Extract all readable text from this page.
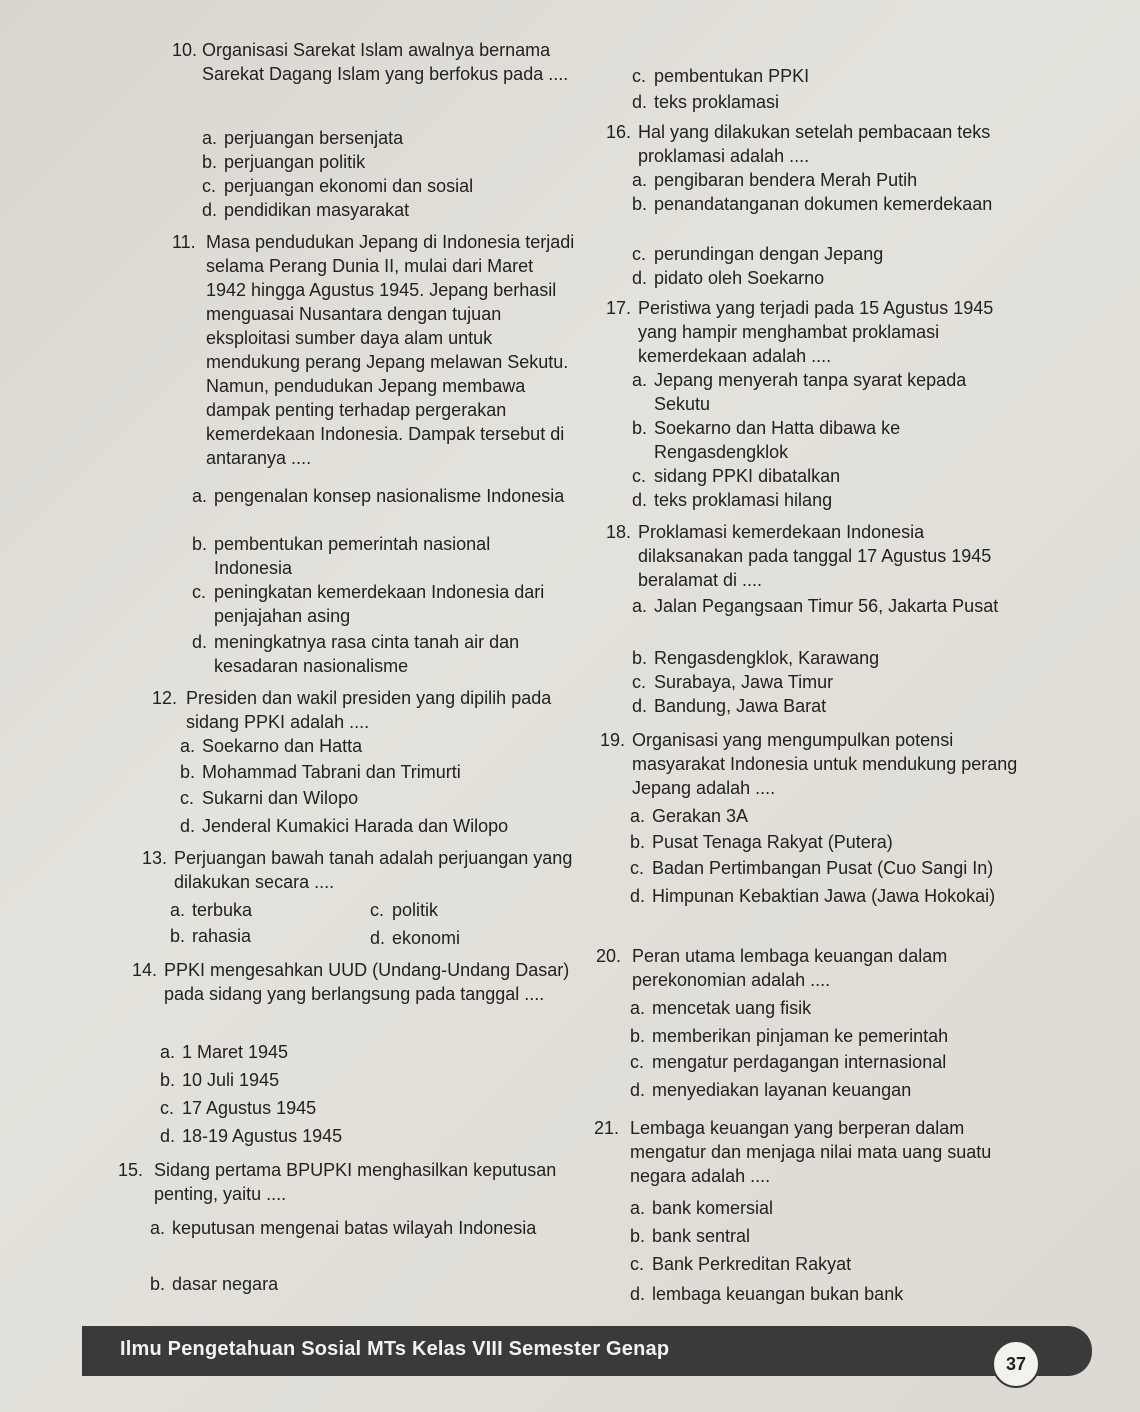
10. Organisasi Sarekat Islam awalnya bernama Sarekat Dagang Islam yang berfokus pada ....
a. perjuangan bersenjata
b. perjuangan politik
c. perjuangan ekonomi dan sosial
d. pendidikan masyarakat
11. Masa pendudukan Jepang di Indonesia terjadi selama Perang Dunia II, mulai dari Maret 1942 hingga Agustus 1945. Jepang berhasil menguasai Nusantara dengan tujuan eksploitasi sumber daya alam untuk mendukung perang Jepang melawan Sekutu. Namun, pendudukan Jepang membawa dampak penting terhadap pergerakan kemerdekaan Indonesia. Dampak tersebut di antaranya ....
a. pengenalan konsep nasionalisme Indonesia
b. pembentukan pemerintah nasional Indonesia
c. peningkatan kemerdekaan Indonesia dari penjajahan asing
d. meningkatnya rasa cinta tanah air dan kesadaran nasionalisme
12. Presiden dan wakil presiden yang dipilih pada sidang PPKI adalah ....
a. Soekarno dan Hatta
b. Mohammad Tabrani dan Trimurti
c. Sukarni dan Wilopo
d. Jenderal Kumakici Harada dan Wilopo
13. Perjuangan bawah tanah adalah perjuangan yang dilakukan secara ....
a. terbuka
b. rahasia
c. politik
d. ekonomi
14. PPKI mengesahkan UUD (Undang-Undang Dasar) pada sidang yang berlangsung pada tanggal ....
a. 1 Maret 1945
b. 10 Juli 1945
c. 17 Agustus 1945
d. 18-19 Agustus 1945
15. Sidang pertama BPUPKI menghasilkan keputusan penting, yaitu ....
a. keputusan mengenai batas wilayah Indonesia
b. dasar negara
c. pembentukan PPKI
d. teks proklamasi
16. Hal yang dilakukan setelah pembacaan teks proklamasi adalah ....
a. pengibaran bendera Merah Putih
b. penandatanganan dokumen kemerdekaan
c. perundingan dengan Jepang
d. pidato oleh Soekarno
17. Peristiwa yang terjadi pada 15 Agustus 1945 yang hampir menghambat proklamasi kemerdekaan adalah ....
a. Jepang menyerah tanpa syarat kepada Sekutu
b. Soekarno dan Hatta dibawa ke Rengasdengklok
c. sidang PPKI dibatalkan
d. teks proklamasi hilang
18. Proklamasi kemerdekaan Indonesia dilaksanakan pada tanggal 17 Agustus 1945 beralamat di ....
a. Jalan Pegangsaan Timur 56, Jakarta Pusat
b. Rengasdengklok, Karawang
c. Surabaya, Jawa Timur
d. Bandung, Jawa Barat
19. Organisasi yang mengumpulkan potensi masyarakat Indonesia untuk mendukung perang Jepang adalah ....
a. Gerakan 3A
b. Pusat Tenaga Rakyat (Putera)
c. Badan Pertimbangan Pusat (Cuo Sangi In)
d. Himpunan Kebaktian Jawa (Jawa Hokokai)
20. Peran utama lembaga keuangan dalam perekonomian adalah ....
a. mencetak uang fisik
b. memberikan pinjaman ke pemerintah
c. mengatur perdagangan internasional
d. menyediakan layanan keuangan
21. Lembaga keuangan yang berperan dalam mengatur dan menjaga nilai mata uang suatu negara adalah ....
a. bank komersial
b. bank sentral
c. Bank Perkreditan Rakyat
d. lembaga keuangan bukan bank
Ilmu Pengetahuan Sosial MTs Kelas VIII Semester Genap
37
